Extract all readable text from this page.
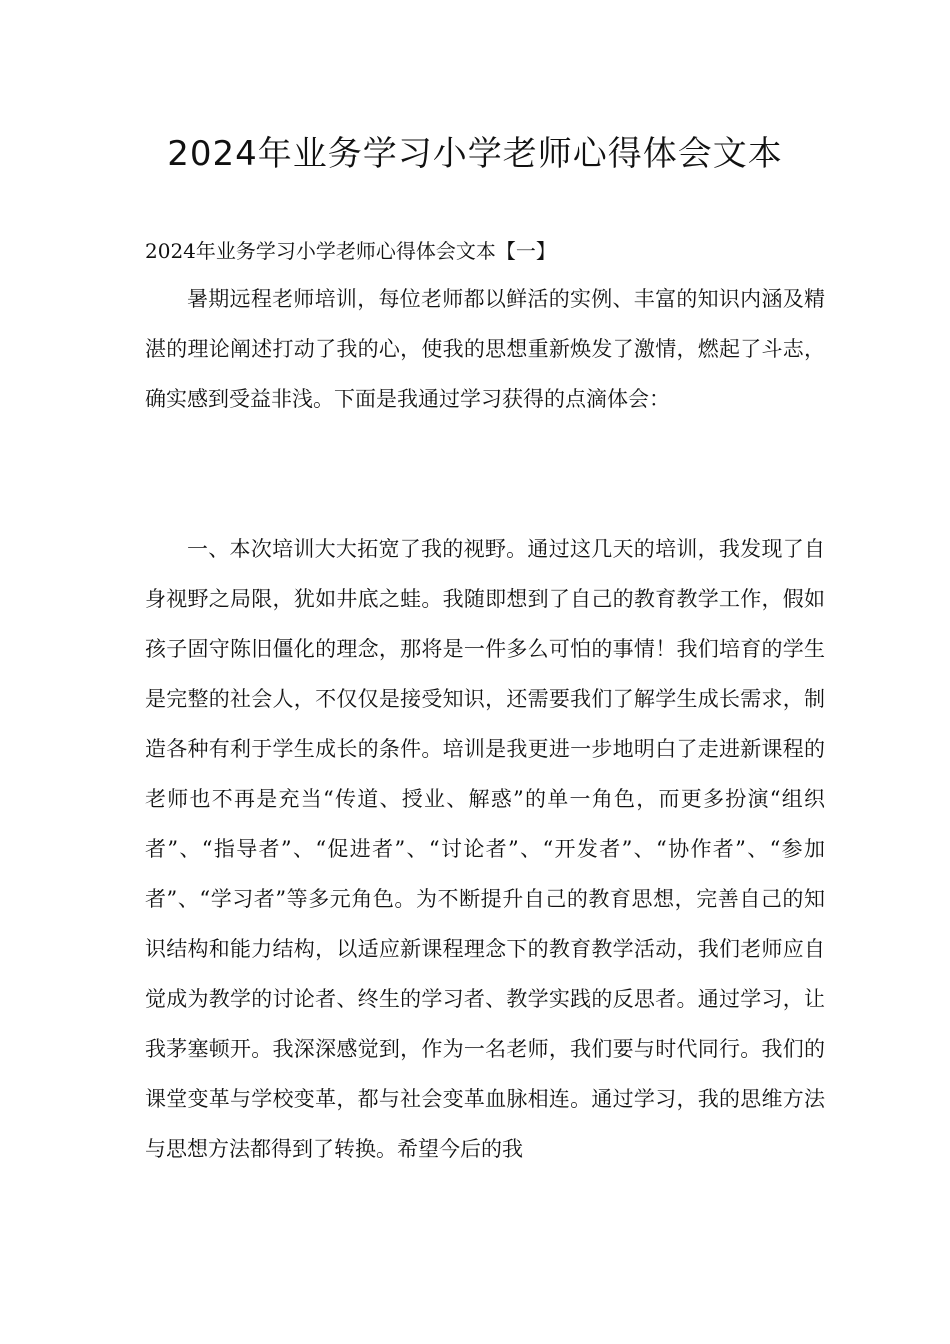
2024年业务学习小学老师心得体会文本

2024年业务学习小学老师心得体会文本【一】

暑期远程老师培训，每位老师都以鲜活的实例、丰富的知识内涵及精湛的理论阐述打动了我的心，使我的思想重新焕发了激情，燃起了斗志，确实感到受益非浅。下面是我通过学习获得的点滴体会：

一、本次培训大大拓宽了我的视野。通过这几天的培训，我发现了自身视野之局限，犹如井底之蛙。我随即想到了自己的教育教学工作，假如孩子固守陈旧僵化的理念，那将是一件多么可怕的事情！我们培育的学生是完整的社会人，不仅仅是接受知识，还需要我们了解学生成长需求，制造各种有利于学生成长的条件。培训是我更进一步地明白了走进新课程的老师也不再是充当“传道、授业、解惑”的单一角色，而更多扮演“组织者”、“指导者”、“促进者”、“讨论者”、“开发者”、“协作者”、“参加者”、“学习者”等多元角色。为不断提升自己的教育思想，完善自己的知识结构和能力结构，以适应新课程理念下的教育教学活动，我们老师应自觉成为教学的讨论者、终生的学习者、教学实践的反思者。通过学习，让我茅塞顿开。我深深感觉到，作为一名老师，我们要与时代同行。我们的课堂变革与学校变革，都与社会变革血脉相连。通过学习，我的思维方法与思想方法都得到了转换。希望今后的我
